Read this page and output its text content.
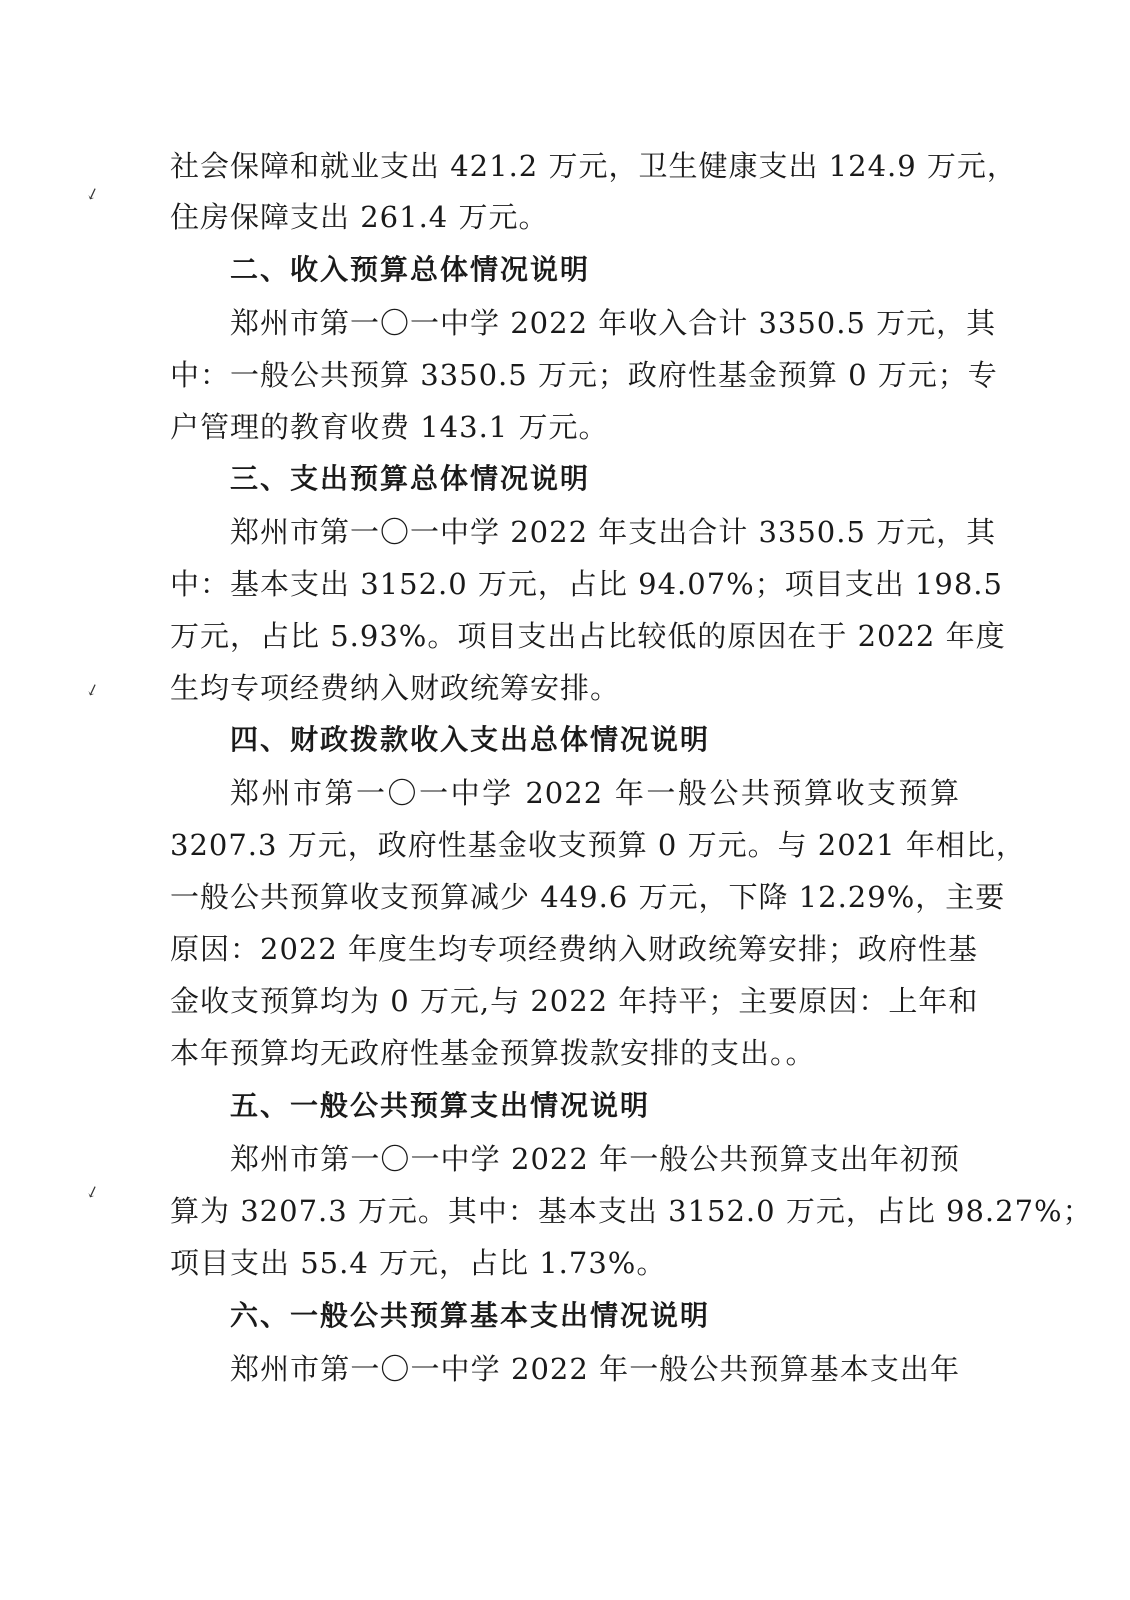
↙
↙
↙
社会保障和就业支出 421.2 万元，卫生健康支出 124.9 万元，
住房保障支出 261.4 万元。
二、收入预算总体情况说明
郑州市第一〇一中学 2022 年收入合计 3350.5 万元，其
中：一般公共预算 3350.5 万元；政府性基金预算 0 万元；专
户管理的教育收费 143.1 万元。
三、支出预算总体情况说明
郑州市第一〇一中学 2022 年支出合计 3350.5 万元，其
中：基本支出 3152.0 万元，占比 94.07%；项目支出 198.5
万元，占比 5.93%。项目支出占比较低的原因在于 2022 年度
生均专项经费纳入财政统筹安排。
四、财政拨款收入支出总体情况说明
郑州市第一〇一中学 2022 年一般公共预算收支预算
3207.3 万元，政府性基金收支预算 0 万元。与 2021 年相比，
一般公共预算收支预算减少 449.6 万元，下降 12.29%，主要
原因：2022 年度生均专项经费纳入财政统筹安排；政府性基
金收支预算均为 0 万元,与 2022 年持平；主要原因：上年和
本年预算均无政府性基金预算拨款安排的支出。。
五、一般公共预算支出情况说明
郑州市第一〇一中学 2022 年一般公共预算支出年初预
算为 3207.3 万元。其中：基本支出 3152.0 万元，占比 98.27%；
项目支出 55.4 万元，占比 1.73%。
六、一般公共预算基本支出情况说明
郑州市第一〇一中学 2022 年一般公共预算基本支出年
